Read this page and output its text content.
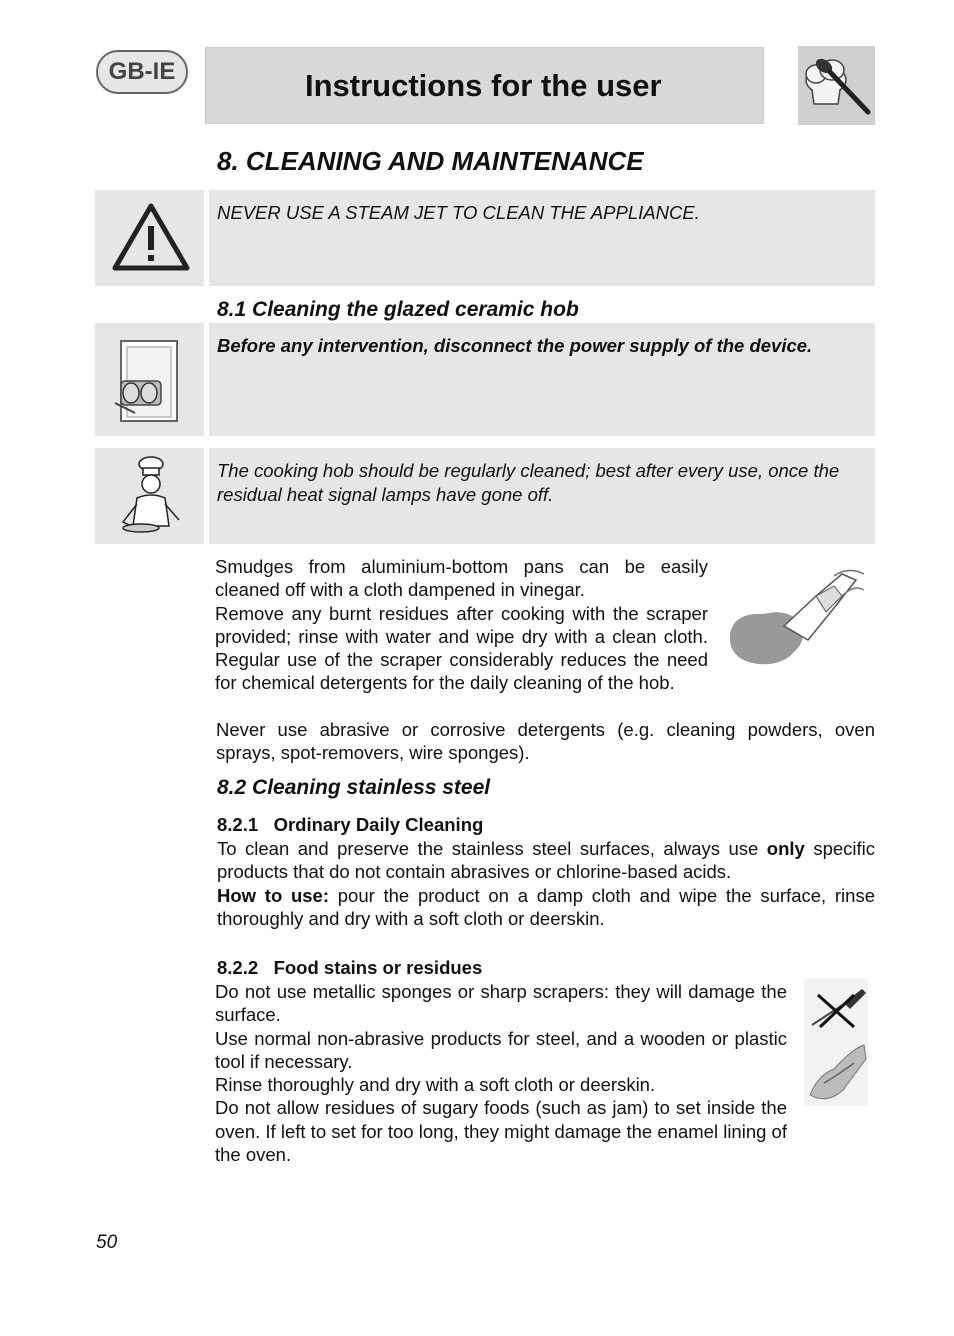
GB-IE	Instructions for the user
8. CLEANING AND MAINTENANCE
NEVER USE A STEAM JET TO CLEAN THE APPLIANCE.
8.1 Cleaning the glazed ceramic hob
Before any intervention, disconnect the power supply of the device.
The cooking hob should be regularly cleaned; best after every use, once the residual heat signal lamps have gone off.

Smudges from aluminium-bottom pans can be easily cleaned off with a cloth dampened in vinegar.

Remove any burnt residues after cooking with the scraper provided; rinse with water and wipe dry with a clean cloth. Regular use of the scraper considerably reduces the need for chemical detergents for the daily cleaning of the hob.

Never use abrasive or corrosive detergents (e.g. cleaning powders, oven sprays, spot-removers, wire sponges).
8.2 Cleaning stainless steel
8.2.1   Ordinary Daily Cleaning

To clean and preserve the stainless steel surfaces, always use only specific products that do not contain abrasives or chlorine-based acids.

How to use: pour the product on a damp cloth and wipe the surface, rinse thoroughly and dry with a soft cloth or deerskin.

8.2.2   Food stains or residues

Do not use metallic sponges or sharp scrapers: they will damage the surface.

Use normal non-abrasive products for steel, and a wooden or plastic tool if necessary.

Rinse thoroughly and dry with a soft cloth or deerskin.

Do not allow residues of sugary foods (such as jam) to set inside the oven. If left to set for too long, they might damage the enamel lining of the oven.

50
